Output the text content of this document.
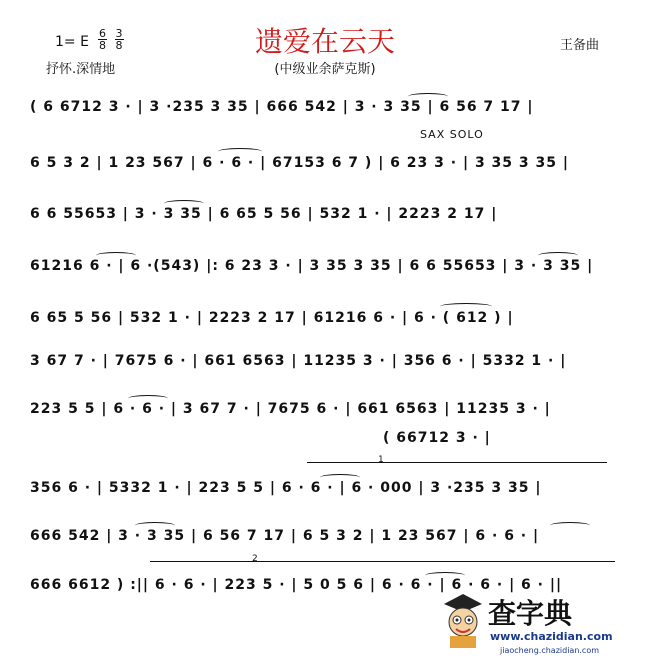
1= E $\frac{6}{8}$
$\frac{3}{8}$
抒怀.深情地
遗爱在云天
(中级业余萨克斯)
王备曲
( 6 6712 3 · | 3 ·235 3 35 | 666 542 | 3 · 3 35 | 6 56 7 17 |
SAX SOLO
6 5 3 2 | 1 23 567 | 6 · 6 · | 67153 6 7 ) | 6 23 3 · | 3 35 3 35 |
6 6 55653 | 3 · 3 35 | 6 65 5 56 | 532 1 · | 2223 2 17 |
61216 6 · | 6 ·(543) |: 6 23 3 · | 3 35 3 35 | 6 6 55653 | 3 · 3 35 |
6 65 5 56 | 532 1 · | 2223 2 17 | 61216 6 · | 6 · ( 612 ) |
3 67 7 · | 7675 6 · | 661 6563 | 11235 3 · | 356 6 · | 5332 1 · |
223 5 5 | 6 · 6 · | 3 67 7 · | 7675 6 · | 661 6563 | 11235 3 · |
( 66712 3 · |
1
356 6 · | 5332 1 · | 223 5 5 | 6 · 6 · | 6 · 000 | 3 ·235 3 35 |
666 542 | 3 · 3 35 | 6 56 7 17 | 6 5 3 2 | 1 23 567 | 6 · 6 · |
2
666 6612 ) :|| 6 · 6 · | 223 5 · | 5 0 5 6 | 6 · 6 · | 6 · 6 · | 6 · ||
查字典
www.chazidian.com
jiaocheng.chazidian.com
